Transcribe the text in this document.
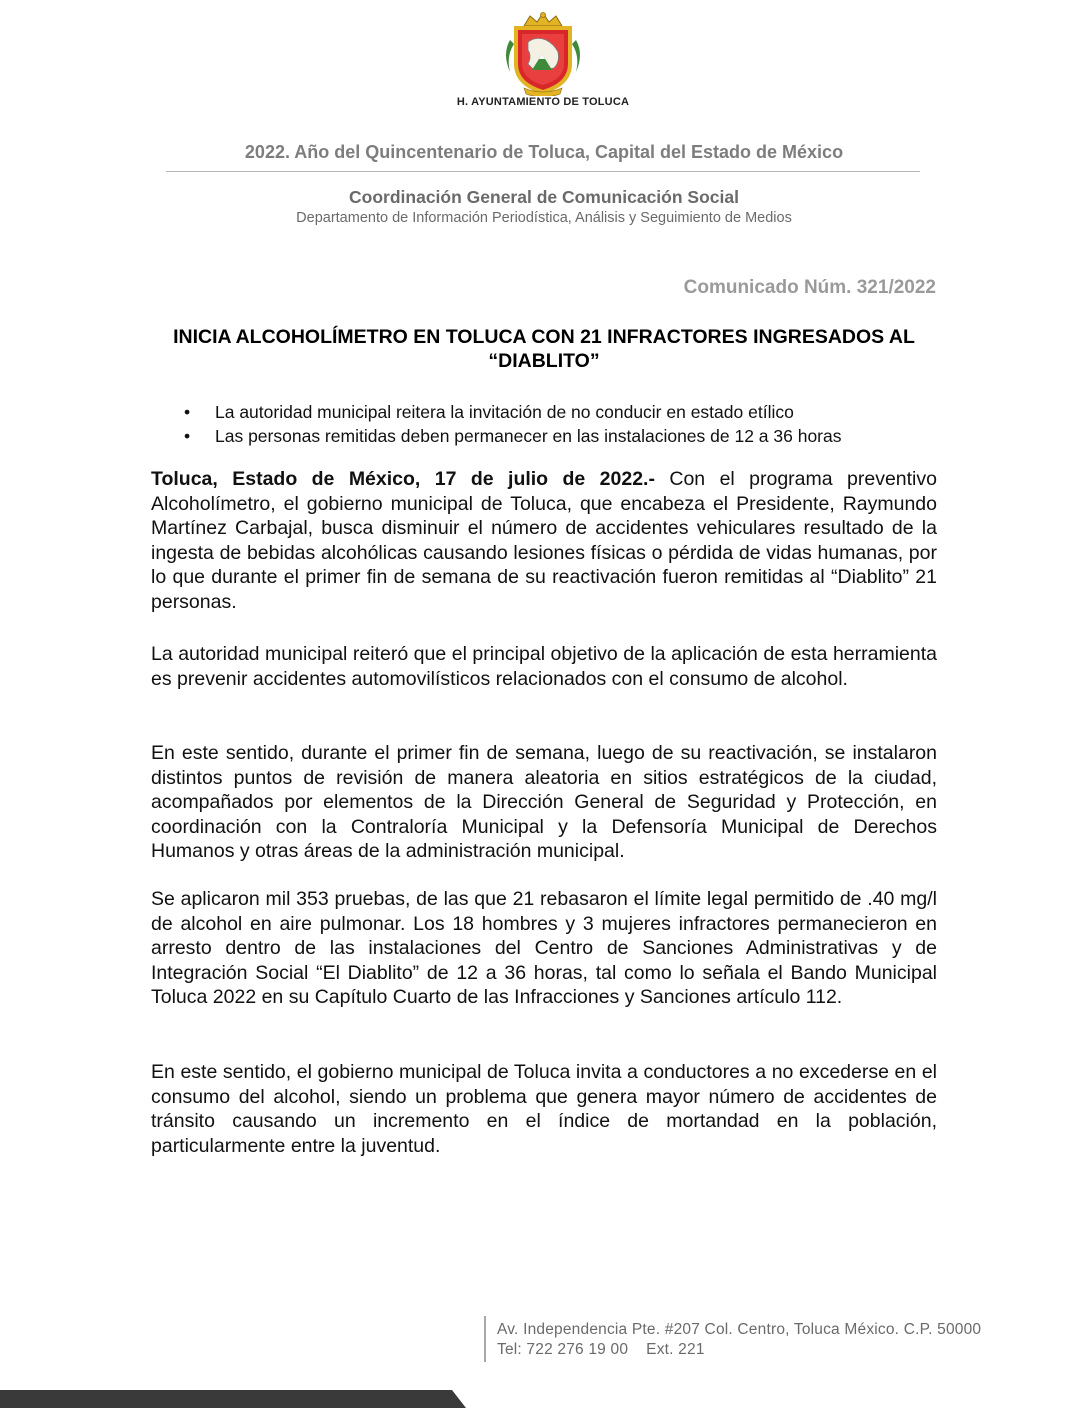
H. AYUNTAMIENTO DE TOLUCA
2022. Año del Quincentenario de Toluca, Capital del Estado de México
Coordinación General de Comunicación Social
Departamento de Información Periodística, Análisis y Seguimiento de Medios
Comunicado Núm. 321/2022
INICIA ALCOHOLÍMETRO EN TOLUCA CON 21 INFRACTORES INGRESADOS AL “DIABLITO”
• La autoridad municipal reitera la invitación de no conducir en estado etílico
• Las personas remitidas deben permanecer en las instalaciones de 12 a 36 horas

Toluca, Estado de México, 17 de julio de 2022.- Con el programa preventivo Alcoholímetro, el gobierno municipal de Toluca, que encabeza el Presidente, Raymundo Martínez Carbajal, busca disminuir el número de accidentes vehiculares resultado de la ingesta de bebidas alcohólicas causando lesiones físicas o pérdida de vidas humanas, por lo que durante el primer fin de semana de su reactivación fueron remitidas al “Diablito” 21 personas.

La autoridad municipal reiteró que el principal objetivo de la aplicación de esta herramienta es prevenir accidentes automovilísticos relacionados con el consumo de alcohol.

En este sentido, durante el primer fin de semana, luego de su reactivación, se instalaron distintos puntos de revisión de manera aleatoria en sitios estratégicos de la ciudad, acompañados por elementos de la Dirección General de Seguridad y Protección, en coordinación con la Contraloría Municipal y la Defensoría Municipal de Derechos Humanos y otras áreas de la administración municipal.

Se aplicaron mil 353 pruebas, de las que 21 rebasaron el límite legal permitido de .40 mg/l de alcohol en aire pulmonar. Los 18 hombres y 3 mujeres infractores permanecieron en arresto dentro de las instalaciones del Centro de Sanciones Administrativas y de Integración Social “El Diablito” de 12 a 36 horas, tal como lo señala el Bando Municipal Toluca 2022 en su Capítulo Cuarto de las Infracciones y Sanciones artículo 112.

En este sentido, el gobierno municipal de Toluca invita a conductores a no excederse en el consumo del alcohol, siendo un problema que genera mayor número de accidentes de tránsito causando un incremento en el índice de mortandad en la población, particularmente entre la juventud.

Av. Independencia Pte. #207 Col. Centro, Toluca México. C.P. 50000
Tel: 722 276 19 00    Ext. 221
